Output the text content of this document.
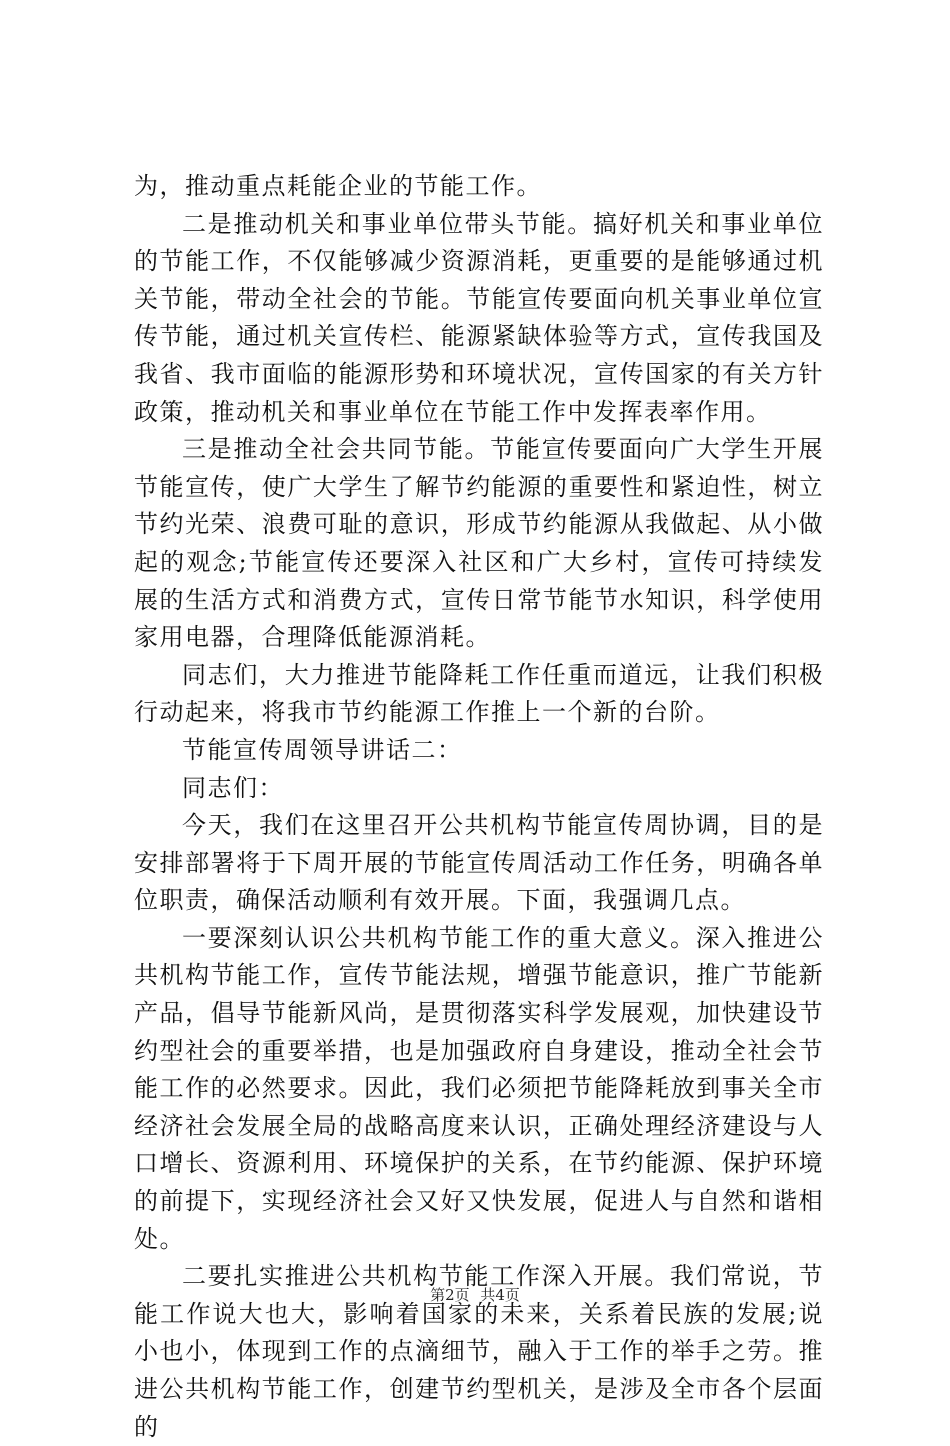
为，推动重点耗能企业的节能工作。

二是推动机关和事业单位带头节能。搞好机关和事业单位的节能工作，不仅能够减少资源消耗，更重要的是能够通过机关节能，带动全社会的节能。节能宣传要面向机关事业单位宣传节能，通过机关宣传栏、能源紧缺体验等方式，宣传我国及我省、我市面临的能源形势和环境状况，宣传国家的有关方针政策，推动机关和事业单位在节能工作中发挥表率作用。

三是推动全社会共同节能。节能宣传要面向广大学生开展节能宣传，使广大学生了解节约能源的重要性和紧迫性，树立节约光荣、浪费可耻的意识，形成节约能源从我做起、从小做起的观念;节能宣传还要深入社区和广大乡村，宣传可持续发展的生活方式和消费方式，宣传日常节能节水知识，科学使用家用电器，合理降低能源消耗。

同志们，大力推进节能降耗工作任重而道远，让我们积极行动起来，将我市节约能源工作推上一个新的台阶。

节能宣传周领导讲话二：

同志们：

今天，我们在这里召开公共机构节能宣传周协调，目的是安排部署将于下周开展的节能宣传周活动工作任务，明确各单位职责，确保活动顺利有效开展。下面，我强调几点。

一要深刻认识公共机构节能工作的重大意义。深入推进公共机构节能工作，宣传节能法规，增强节能意识，推广节能新产品，倡导节能新风尚，是贯彻落实科学发展观，加快建设节约型社会的重要举措，也是加强政府自身建设，推动全社会节能工作的必然要求。因此，我们必须把节能降耗放到事关全市经济社会发展全局的战略高度来认识，正确处理经济建设与人口增长、资源利用、环境保护的关系，在节约能源、保护环境的前提下，实现经济社会又好又快发展，促进人与自然和谐相处。

二要扎实推进公共机构节能工作深入开展。我们常说，节能工作说大也大，影响着国家的未来，关系着民族的发展;说小也小，体现到工作的点滴细节，融入于工作的举手之劳。推进公共机构节能工作，创建节约型机关，是涉及全市各个层面的

第2页 共4页
